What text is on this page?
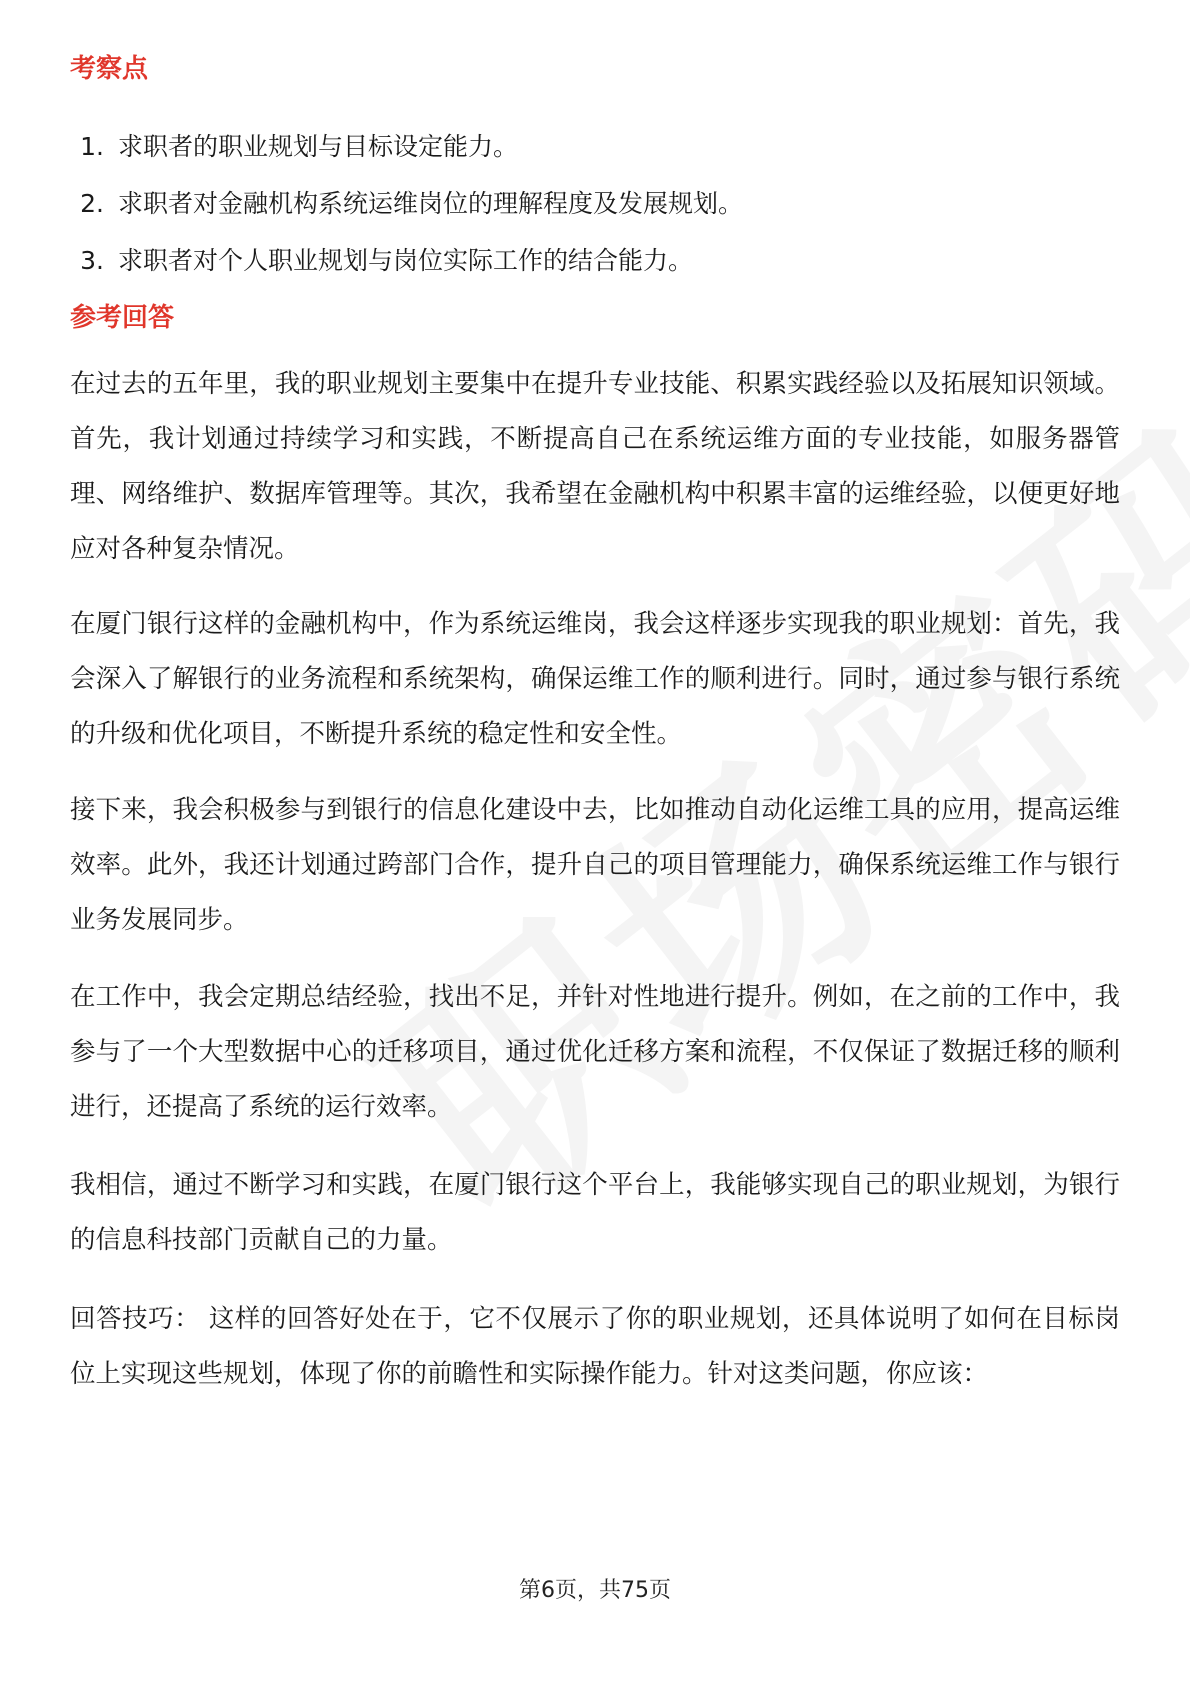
考察点
1. 求职者的职业规划与目标设定能力。
2. 求职者对金融机构系统运维岗位的理解程度及发展规划。
3. 求职者对个人职业规划与岗位实际工作的结合能力。
参考回答

在过去的五年里，我的职业规划主要集中在提升专业技能、积累实践经验以及拓展知识领域。首先，我计划通过持续学习和实践，不断提高自己在系统运维方面的专业技能，如服务器管理、网络维护、数据库管理等。其次，我希望在金融机构中积累丰富的运维经验，以便更好地应对各种复杂情况。

在厦门银行这样的金融机构中，作为系统运维岗，我会这样逐步实现我的职业规划：首先，我会深入了解银行的业务流程和系统架构，确保运维工作的顺利进行。同时，通过参与银行系统的升级和优化项目，不断提升系统的稳定性和安全性。

接下来，我会积极参与到银行的信息化建设中去，比如推动自动化运维工具的应用，提高运维效率。此外，我还计划通过跨部门合作，提升自己的项目管理能力，确保系统运维工作与银行业务发展同步。

在工作中，我会定期总结经验，找出不足，并针对性地进行提升。例如，在之前的工作中，我参与了一个大型数据中心的迁移项目，通过优化迁移方案和流程，不仅保证了数据迁移的顺利进行，还提高了系统的运行效率。

我相信，通过不断学习和实践，在厦门银行这个平台上，我能够实现自己的职业规划，为银行的信息科技部门贡献自己的力量。

回答技巧： 这样的回答好处在于，它不仅展示了你的职业规划，还具体说明了如何在目标岗位上实现这些规划，体现了你的前瞻性和实际操作能力。针对这类问题，你应该：

第6页，共75页
